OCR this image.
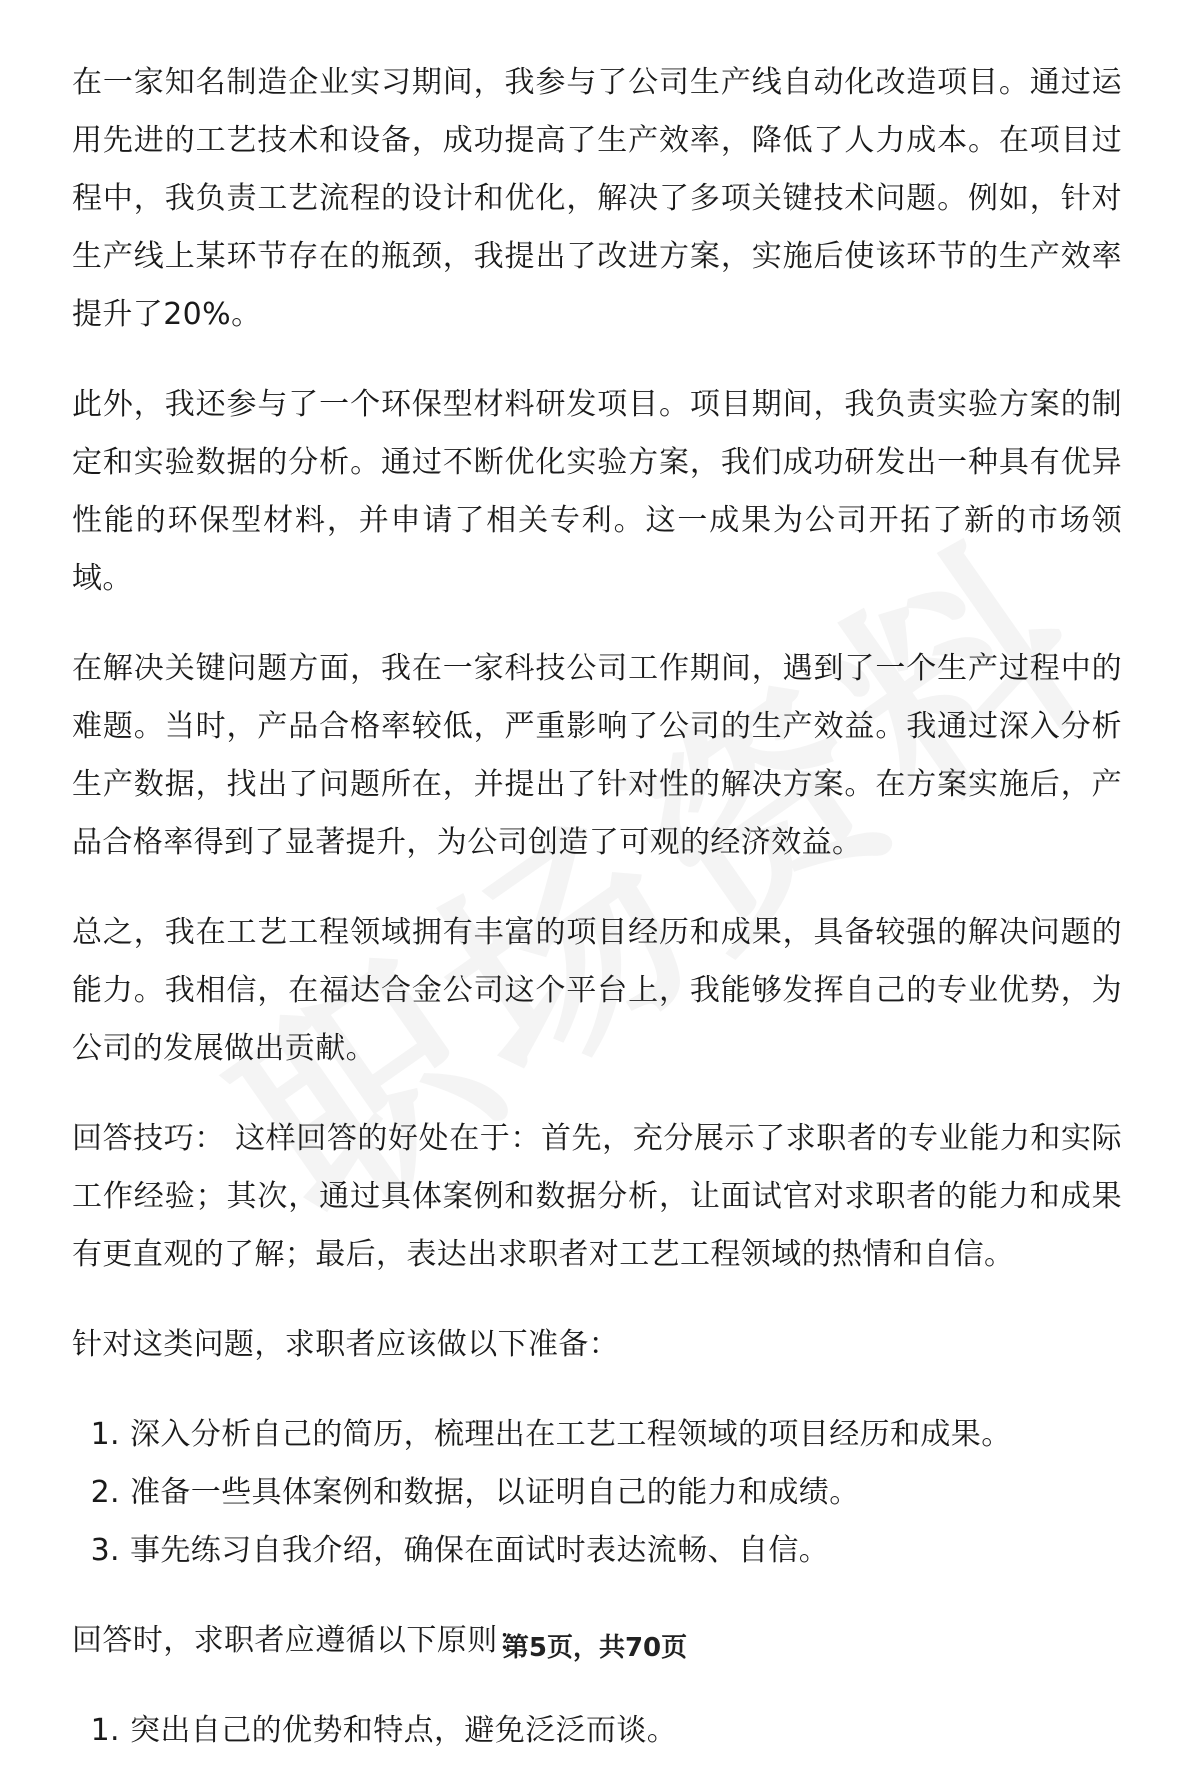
在一家知名制造企业实习期间，我参与了公司生产线自动化改造项目。通过运用先进的工艺技术和设备，成功提高了生产效率，降低了人力成本。在项目过程中，我负责工艺流程的设计和优化，解决了多项关键技术问题。例如，针对生产线上某环节存在的瓶颈，我提出了改进方案，实施后使该环节的生产效率提升了20%。

此外，我还参与了一个环保型材料研发项目。项目期间，我负责实验方案的制定和实验数据的分析。通过不断优化实验方案，我们成功研发出一种具有优异性能的环保型材料，并申请了相关专利。这一成果为公司开拓了新的市场领域。

在解决关键问题方面，我在一家科技公司工作期间，遇到了一个生产过程中的难题。当时，产品合格率较低，严重影响了公司的生产效益。我通过深入分析生产数据，找出了问题所在，并提出了针对性的解决方案。在方案实施后，产品合格率得到了显著提升，为公司创造了可观的经济效益。

总之，我在工艺工程领域拥有丰富的项目经历和成果，具备较强的解决问题的能力。我相信，在福达合金公司这个平台上，我能够发挥自己的专业优势，为公司的发展做出贡献。

回答技巧： 这样回答的好处在于：首先，充分展示了求职者的专业能力和实际工作经验；其次，通过具体案例和数据分析，让面试官对求职者的能力和成果有更直观的了解；最后，表达出求职者对工艺工程领域的热情和自信。

针对这类问题，求职者应该做以下准备：

1. 深入分析自己的简历，梳理出在工艺工程领域的项目经历和成果。
2. 准备一些具体案例和数据，以证明自己的能力和成绩。
3. 事先练习自我介绍，确保在面试时表达流畅、自信。

回答时，求职者应遵循以下原则：

1. 突出自己的优势和特点，避免泛泛而谈。
第5页，共70页
